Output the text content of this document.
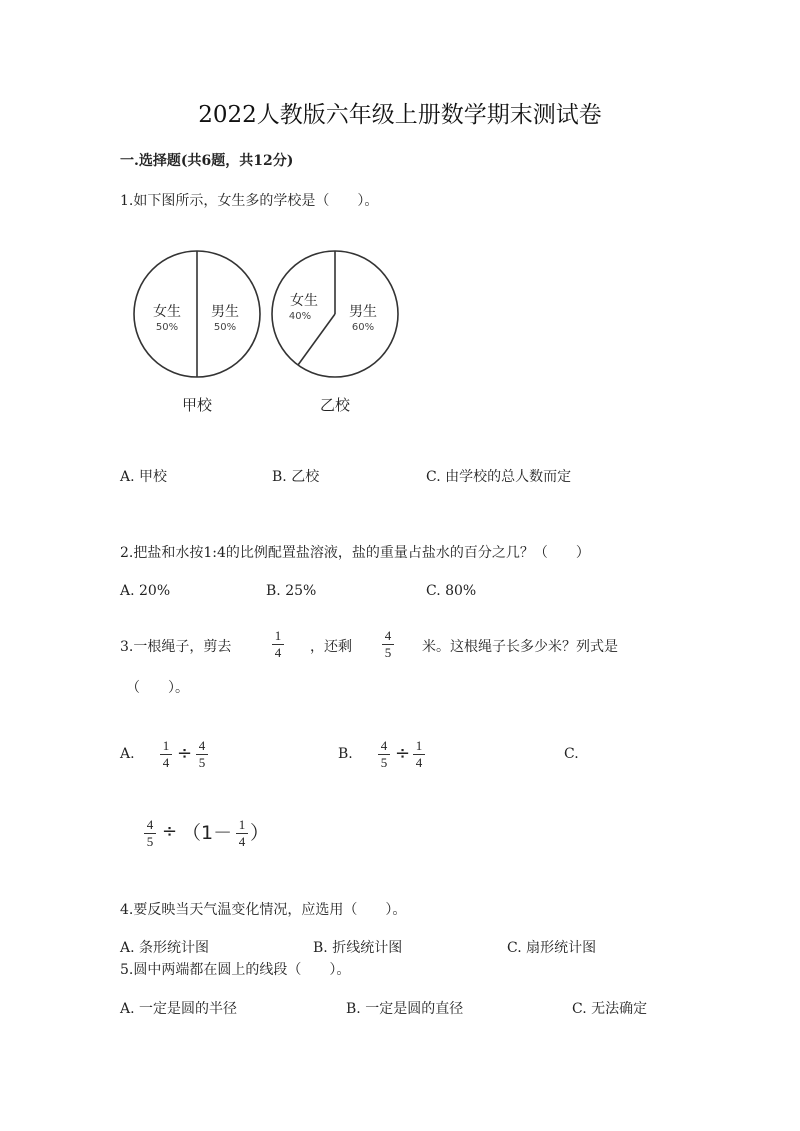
2022人教版六年级上册数学期末测试卷
一.选择题(共6题，共12分)
1.如下图所示，女生多的学校是（　　）。
女生
50%
男生
50%
甲校
女生
40%	男生
60%
乙校
A. 甲校	B. 乙校	C. 由学校的总人数而定
2.把盐和水按1:4的比例配置盐溶液，盐的重量占盐水的百分之几？（　　）
A. 20%	B. 25%	C. 80%
3.一根绳子，剪去
1
4 ，还剩
4
5 米。这根绳子长多少米？列式是
（　　）。
A.
1
4 ÷ 4
5
B.
4
5 ÷ 1
4
C.
4
5 ÷ （1－ 1
4 ）
4.要反映当天气温变化情况，应选用（　　）。
A. 条形统计图	B. 折线统计图	C. 扇形统计图
5.圆中两端都在圆上的线段（　　）。
A. 一定是圆的半径	B. 一定是圆的直径	C. 无法确定
